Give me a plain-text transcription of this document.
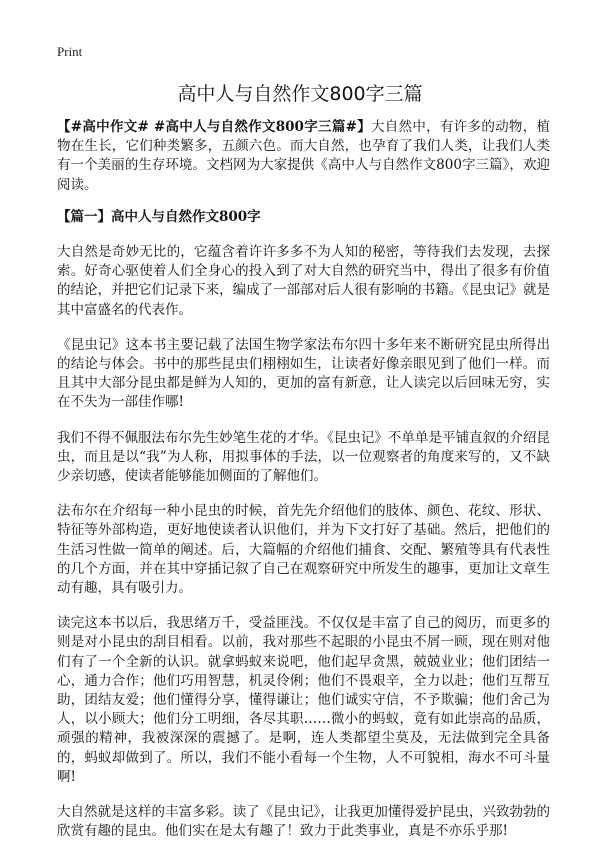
Print
高中人与自然作文800字三篇

【#高中作文# #高中人与自然作文800字三篇#】大自然中，有许多的动物，植物在生长，它们种类繁多，五颜六色。而大自然，也孕育了我们人类，让我们人类有一个美丽的生存环境。文档网为大家提供《高中人与自然作文800字三篇》，欢迎阅读。

【篇一】高中人与自然作文800字

大自然是奇妙无比的，它蕴含着许许多多不为人知的秘密，等待我们去发现，去探索。好奇心驱使着人们全身心的投入到了对大自然的研究当中，得出了很多有价值的结论，并把它们记录下来，编成了一部部对后人很有影响的书籍。《昆虫记》就是其中富盛名的代表作。

《昆虫记》这本书主要记载了法国生物学家法布尔四十多年来不断研究昆虫所得出的结论与体会。书中的那些昆虫们栩栩如生，让读者好像亲眼见到了他们一样。而且其中大部分昆虫都是鲜为人知的，更加的富有新意，让人读完以后回味无穷，实在不失为一部佳作哪!

我们不得不佩服法布尔先生妙笔生花的才华。《昆虫记》不单单是平铺直叙的介绍昆虫，而且是以“我”为人称，用拟事体的手法，以一位观察者的角度来写的，又不缺少亲切感，使读者能够能加侧面的了解他们。

法布尔在介绍每一种小昆虫的时候，首先先介绍他们的肢体、颜色、花纹、形状、特征等外部构造，更好地使读者认识他们，并为下文打好了基础。然后，把他们的生活习性做一简单的阐述。后，大篇幅的介绍他们捕食、交配、繁殖等具有代表性的几个方面，并在其中穿插记叙了自己在观察研究中所发生的趣事，更加让文章生动有趣，具有吸引力。

读完这本书以后，我思绪万千，受益匪浅。不仅仅是丰富了自己的阅历，而更多的则是对小昆虫的刮目相看。以前，我对那些不起眼的小昆虫不屑一顾，现在则对他们有了一个全新的认识。就拿蚂蚁来说吧，他们起早贪黑，兢兢业业；他们团结一心，通力合作；他们巧用智慧，机灵伶俐；他们不畏艰辛，全力以赴；他们互帮互助，团结友爱；他们懂得分享，懂得谦让；他们诚实守信，不予欺骗；他们舍己为人，以小顾大；他们分工明细，各尽其职……微小的蚂蚁，竟有如此崇高的品质，顽强的精神，我被深深的震撼了。是啊，连人类都望尘莫及，无法做到完全具备的，蚂蚁却做到了。所以，我们不能小看每一个生物，人不可貌相，海水不可斗量啊!

大自然就是这样的丰富多彩。读了《昆虫记》，让我更加懂得爱护昆虫，兴致勃勃的欣赏有趣的昆虫。他们实在是太有趣了！致力于此类事业，真是不亦乐乎那!
